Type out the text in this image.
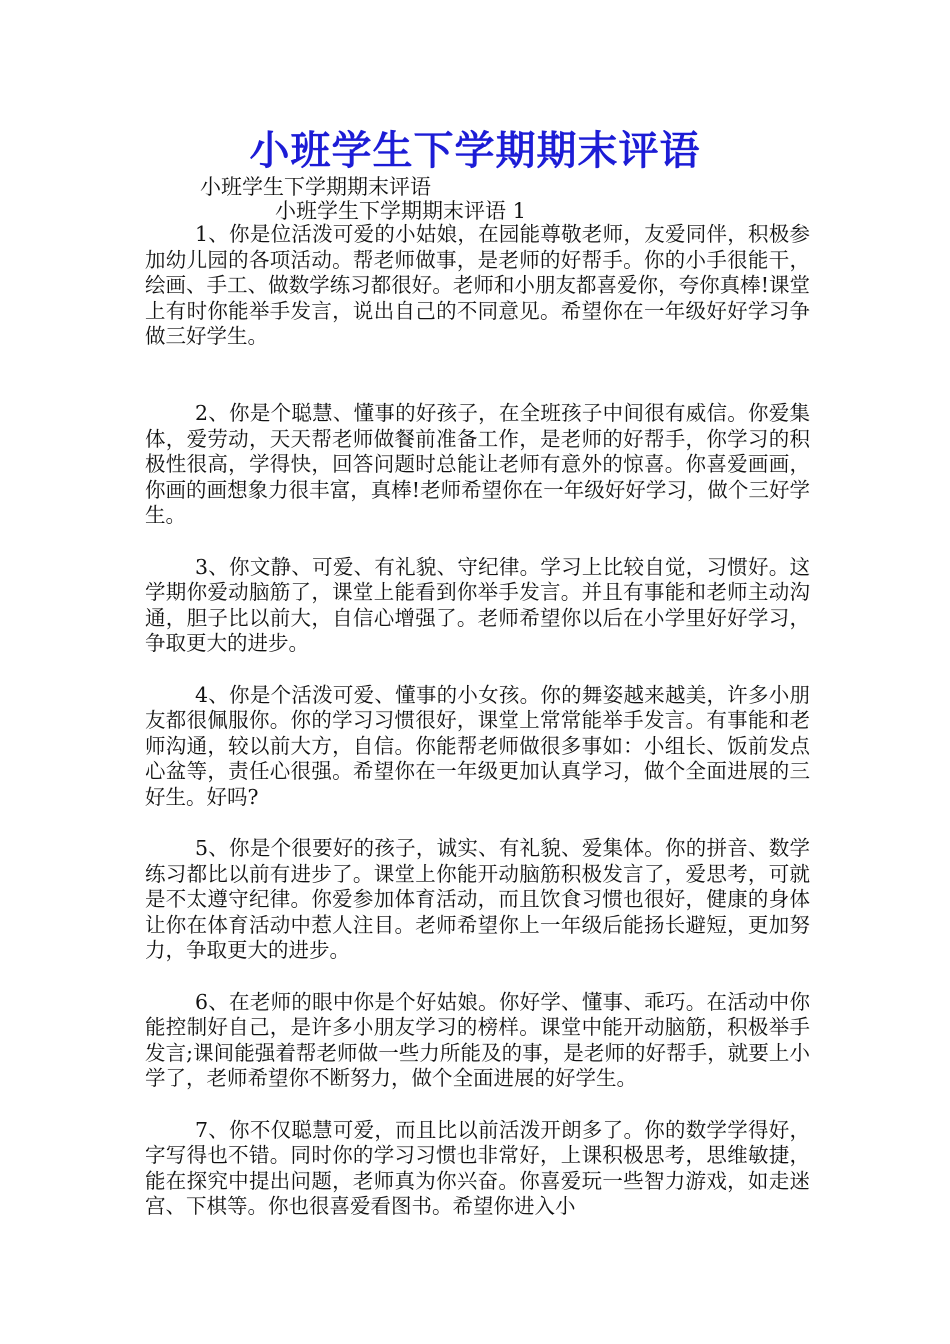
小班学生下学期期末评语
小班学生下学期期末评语
小班学生下学期期末评语 1

1、你是位活泼可爱的小姑娘，在园能尊敬老师，友爱同伴，积极参加幼儿园的各项活动。帮老师做事，是老师的好帮手。你的小手很能干，绘画、手工、做数学练习都很好。老师和小朋友都喜爱你，夸你真棒!课堂上有时你能举手发言，说出自己的不同意见。希望你在一年级好好学习争做三好学生。

2、你是个聪慧、懂事的好孩子，在全班孩子中间很有威信。你爱集体，爱劳动，天天帮老师做餐前准备工作，是老师的好帮手，你学习的积极性很高，学得快，回答问题时总能让老师有意外的惊喜。你喜爱画画，你画的画想象力很丰富，真棒!老师希望你在一年级好好学习，做个三好学生。

3、你文静、可爱、有礼貌、守纪律。学习上比较自觉，习惯好。这学期你爱动脑筋了，课堂上能看到你举手发言。并且有事能和老师主动沟通，胆子比以前大，自信心增强了。老师希望你以后在小学里好好学习，争取更大的进步。

4、你是个活泼可爱、懂事的小女孩。你的舞姿越来越美，许多小朋友都很佩服你。你的学习习惯很好，课堂上常常能举手发言。有事能和老师沟通，较以前大方，自信。你能帮老师做很多事如：小组长、饭前发点心盆等，责任心很强。希望你在一年级更加认真学习，做个全面进展的三好生。好吗?

5、你是个很要好的孩子，诚实、有礼貌、爱集体。你的拼音、数学练习都比以前有进步了。课堂上你能开动脑筋积极发言了，爱思考，可就是不太遵守纪律。你爱参加体育活动，而且饮食习惯也很好，健康的身体让你在体育活动中惹人注目。老师希望你上一年级后能扬长避短，更加努力，争取更大的进步。

6、在老师的眼中你是个好姑娘。你好学、懂事、乖巧。在活动中你能控制好自己，是许多小朋友学习的榜样。课堂中能开动脑筋，积极举手发言;课间能强着帮老师做一些力所能及的事，是老师的好帮手，就要上小学了，老师希望你不断努力，做个全面进展的好学生。

7、你不仅聪慧可爱，而且比以前活泼开朗多了。你的数学学得好，字写得也不错。同时你的学习习惯也非常好，上课积极思考，思维敏捷，能在探究中提出问题，老师真为你兴奋。你喜爱玩一些智力游戏，如走迷宫、下棋等。你也很喜爱看图书。希望你进入小
